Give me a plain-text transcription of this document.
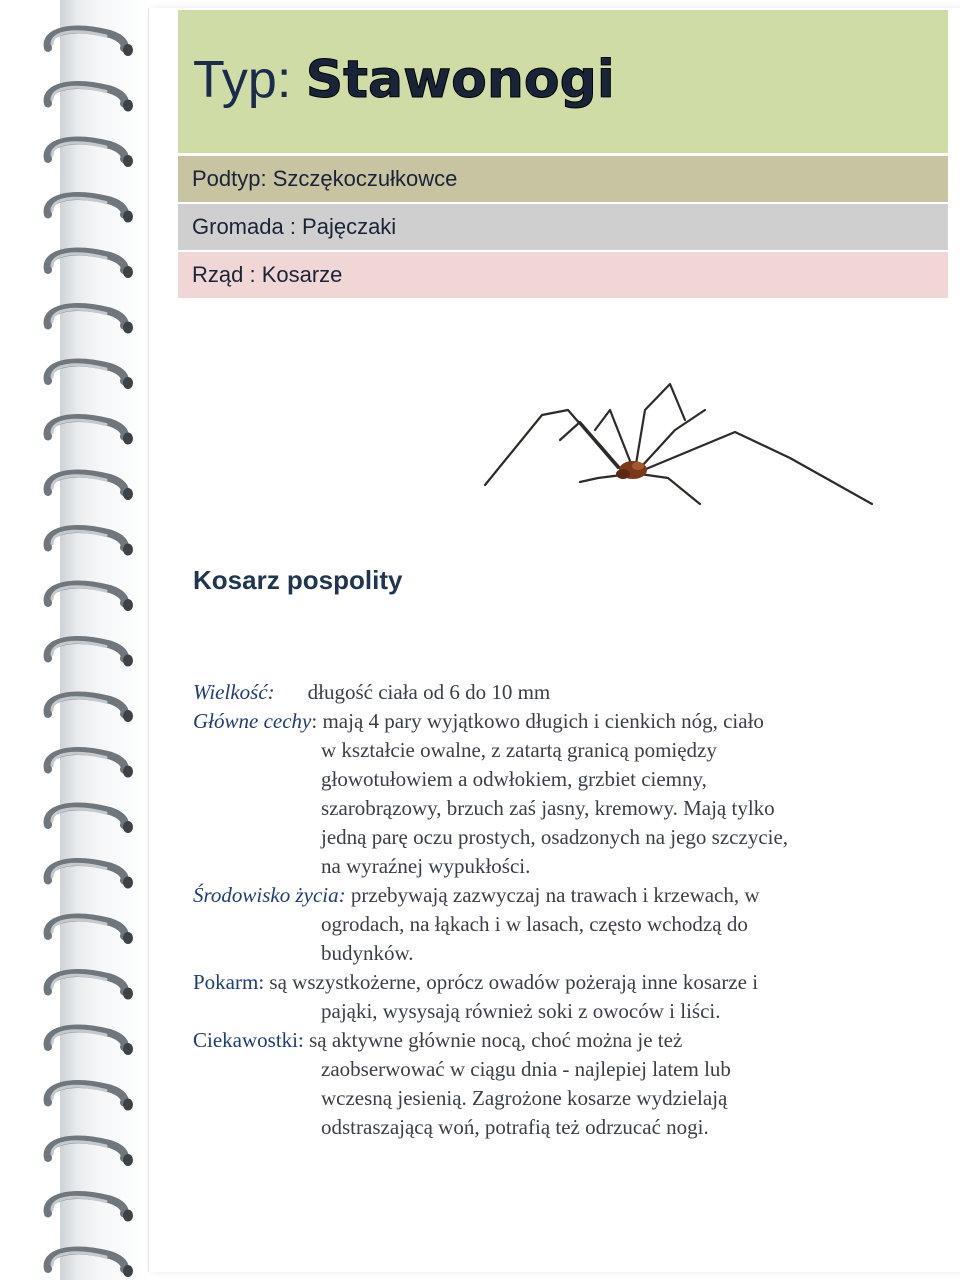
Typ: Stawonogi
Podtyp: Szczękoczułkowce
Gromada : Pajęczaki
Rząd : Kosarze
Kosarz pospolity
Wielkość: długość ciała od 6 do 10 mm
Główne cechy: mają 4 pary wyjątkowo długich i cienkich nóg, ciało
w kształcie owalne, z zatartą granicą pomiędzy
głowotułowiem a odwłokiem, grzbiet ciemny,
szarobrązowy, brzuch zaś jasny, kremowy. Mają tylko
jedną parę oczu prostych, osadzonych na jego szczycie,
na wyraźnej wypukłości.
Środowisko życia: przebywają zazwyczaj na trawach i krzewach, w
ogrodach, na łąkach i w lasach, często wchodzą do
budynków.
Pokarm: są wszystkożerne, oprócz owadów pożerają inne kosarze i
pająki, wysysają również soki z owoców i liści.
Ciekawostki: są aktywne głównie nocą, choć można je też
zaobserwować w ciągu dnia - najlepiej latem lub
wczesną jesienią. Zagrożone kosarze wydzielają
odstraszającą woń, potrafią też odrzucać nogi.
